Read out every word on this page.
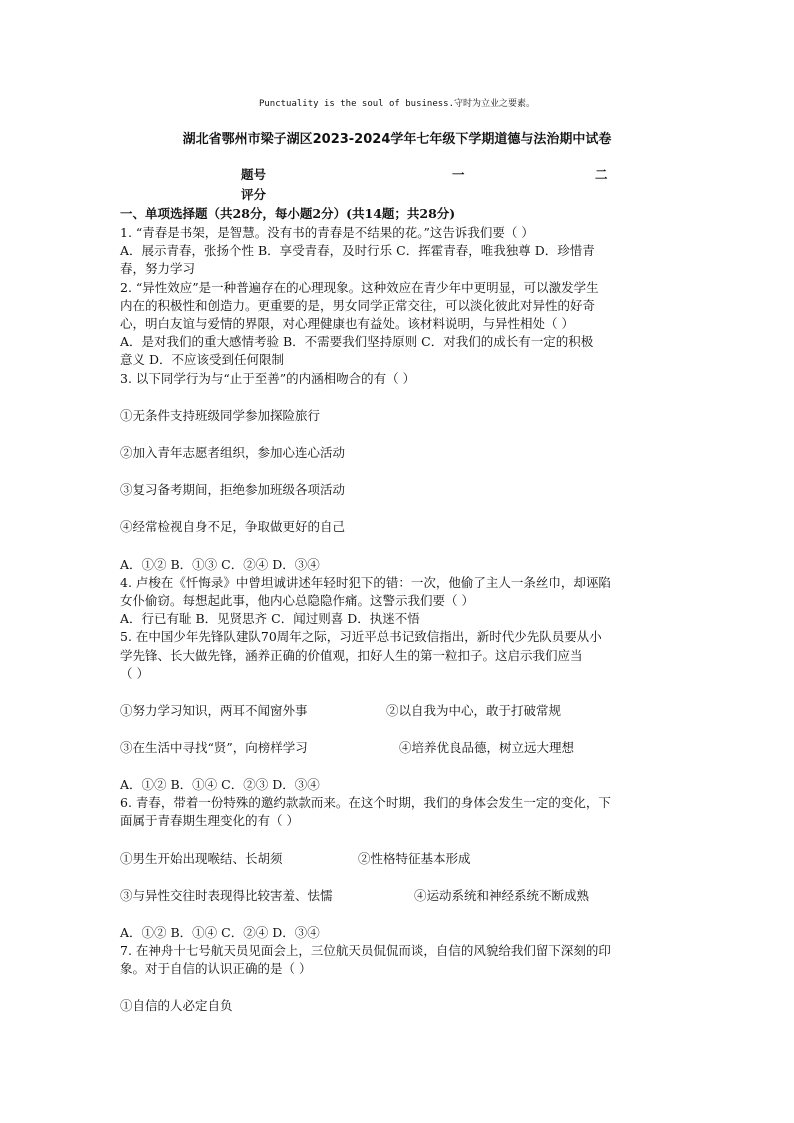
Punctuality is the soul of business.守时为立业之要素。
湖北省鄂州市梁子湖区2023-2024学年七年级下学期道德与法治期中试卷
题号	一	二
评分
一、单项选择题（共28分，每小题2分）(共14题；共28分)

1. “青春是书架，是智慧。没有书的青春是不结果的花。”这告诉我们要（ ）

A．展示青春，张扬个性 B．享受青春，及时行乐 C．挥霍青春，唯我独尊 D．珍惜青

春，努力学习

2. “异性效应”是一种普遍存在的心理现象。这种效应在青少年中更明显，可以激发学生

内在的积极性和创造力。更重要的是，男女同学正常交往，可以淡化彼此对异性的好奇

心，明白友谊与爱情的界限，对心理健康也有益处。该材料说明，与异性相处（ ）

A．是对我们的重大感情考验 B．不需要我们坚持原则 C．对我们的成长有一定的积极

意义 D．不应该受到任何限制

3. 以下同学行为与“止于至善”的内涵相吻合的有（ ）

①无条件支持班级同学参加探险旅行

②加入青年志愿者组织，参加心连心活动

③复习备考期间，拒绝参加班级各项活动

④经常检视自身不足，争取做更好的自己

A．①② B．①③ C．②④ D．③④

4. 卢梭在《忏悔录》中曾坦诚讲述年轻时犯下的错：一次，他偷了主人一条丝巾，却诬陷

女仆偷窃。每想起此事，他内心总隐隐作痛。这警示我们要（ ）

A．行已有耻 B．见贤思齐 C．闻过则喜 D．执迷不悟

5. 在中国少年先锋队建队70周年之际，习近平总书记致信指出，新时代少先队员要从小

学先锋、长大做先锋，涵养正确的价值观，扣好人生的第一粒扣子。这启示我们应当

（ ）

①努力学习知识，两耳不闻窗外事	②以自我为中心，敢于打破常规
③在生活中寻找“贤”，向榜样学习	④培养优良品德，树立远大理想

A．①② B．①④ C．②③ D．③④

6. 青春，带着一份特殊的邀约款款而来。在这个时期，我们的身体会发生一定的变化，下

面属于青春期生理变化的有（ ）

①男生开始出现喉结、长胡须	②性格特征基本形成
③与异性交往时表现得比较害羞、怯懦	④运动系统和神经系统不断成熟

A．①② B．①④ C．②④ D．③④

7. 在神舟十七号航天员见面会上，三位航天员侃侃而谈，自信的风貌给我们留下深刻的印

象。对于自信的认识正确的是（ ）

①自信的人必定自负
